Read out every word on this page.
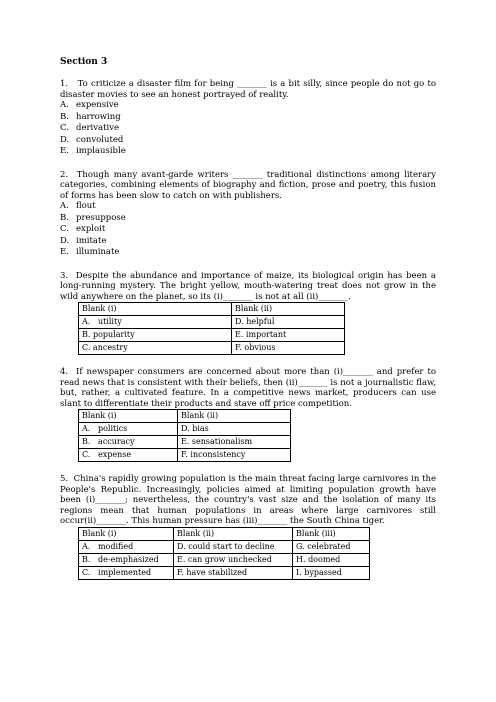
Section 3

1.   To criticize a disaster film for being _______ is a bit silly, since people do not go to disaster movies to see an honest portrayed of reality.

A. expensive
B. harrowing
C. derivative
D. convoluted
E. implausible

2.  Though many avant-garde writers _______ traditional distinctions among literary categories, combining elements of biography and fiction, prose and poetry, this fusion of forms has been slow to catch on with publishers.

A. flout
B. presuppose
C. exploit
D. imitate
E. illuminate

3.  Despite the abundance and importance of maize, its biological origin has been a long-running mystery. The bright yellow, mouth-watering treat does not grow in the wild anywhere on the planet, so its (i)_______ is not at all (ii)_______.

Blank (i)	Blank (ii)
A.   utility	D. helpful
B. popularity	E. important
C. ancestry	F. obvious

4.  If newspaper consumers are concerned about more than (i)_______ and prefer to read news that is consistent with their beliefs, then (ii)_______ is not a journalistic flaw, but, rather, a cultivated feature. In a competitive news market, producers can use slant to differentiate their products and stave off price competition.

Blank (i)	Blank (ii)
A.   politics	D. bias
B.   accuracy	E. sensationalism
C.   expense	F. inconsistency

5.  China's rapidly growing population is the main threat facing large carnivores in the People's Republic. Increasingly, policies aimed at limiting population growth have been (i)_______; nevertheless, the country's vast size and the isolation of many its regions mean that human populations in areas where large carnivores still occur(ii)_______. This human pressure has (iii)_______ the South China tiger.

Blank (i)	Blank (ii)	Blank (iii)
A.   modified	D. could start to decline	G. celebrated
B.   de-emphasized	E. can grow unchecked	H. doomed
C.   implemented	F. have stabilized	I. bypassed
